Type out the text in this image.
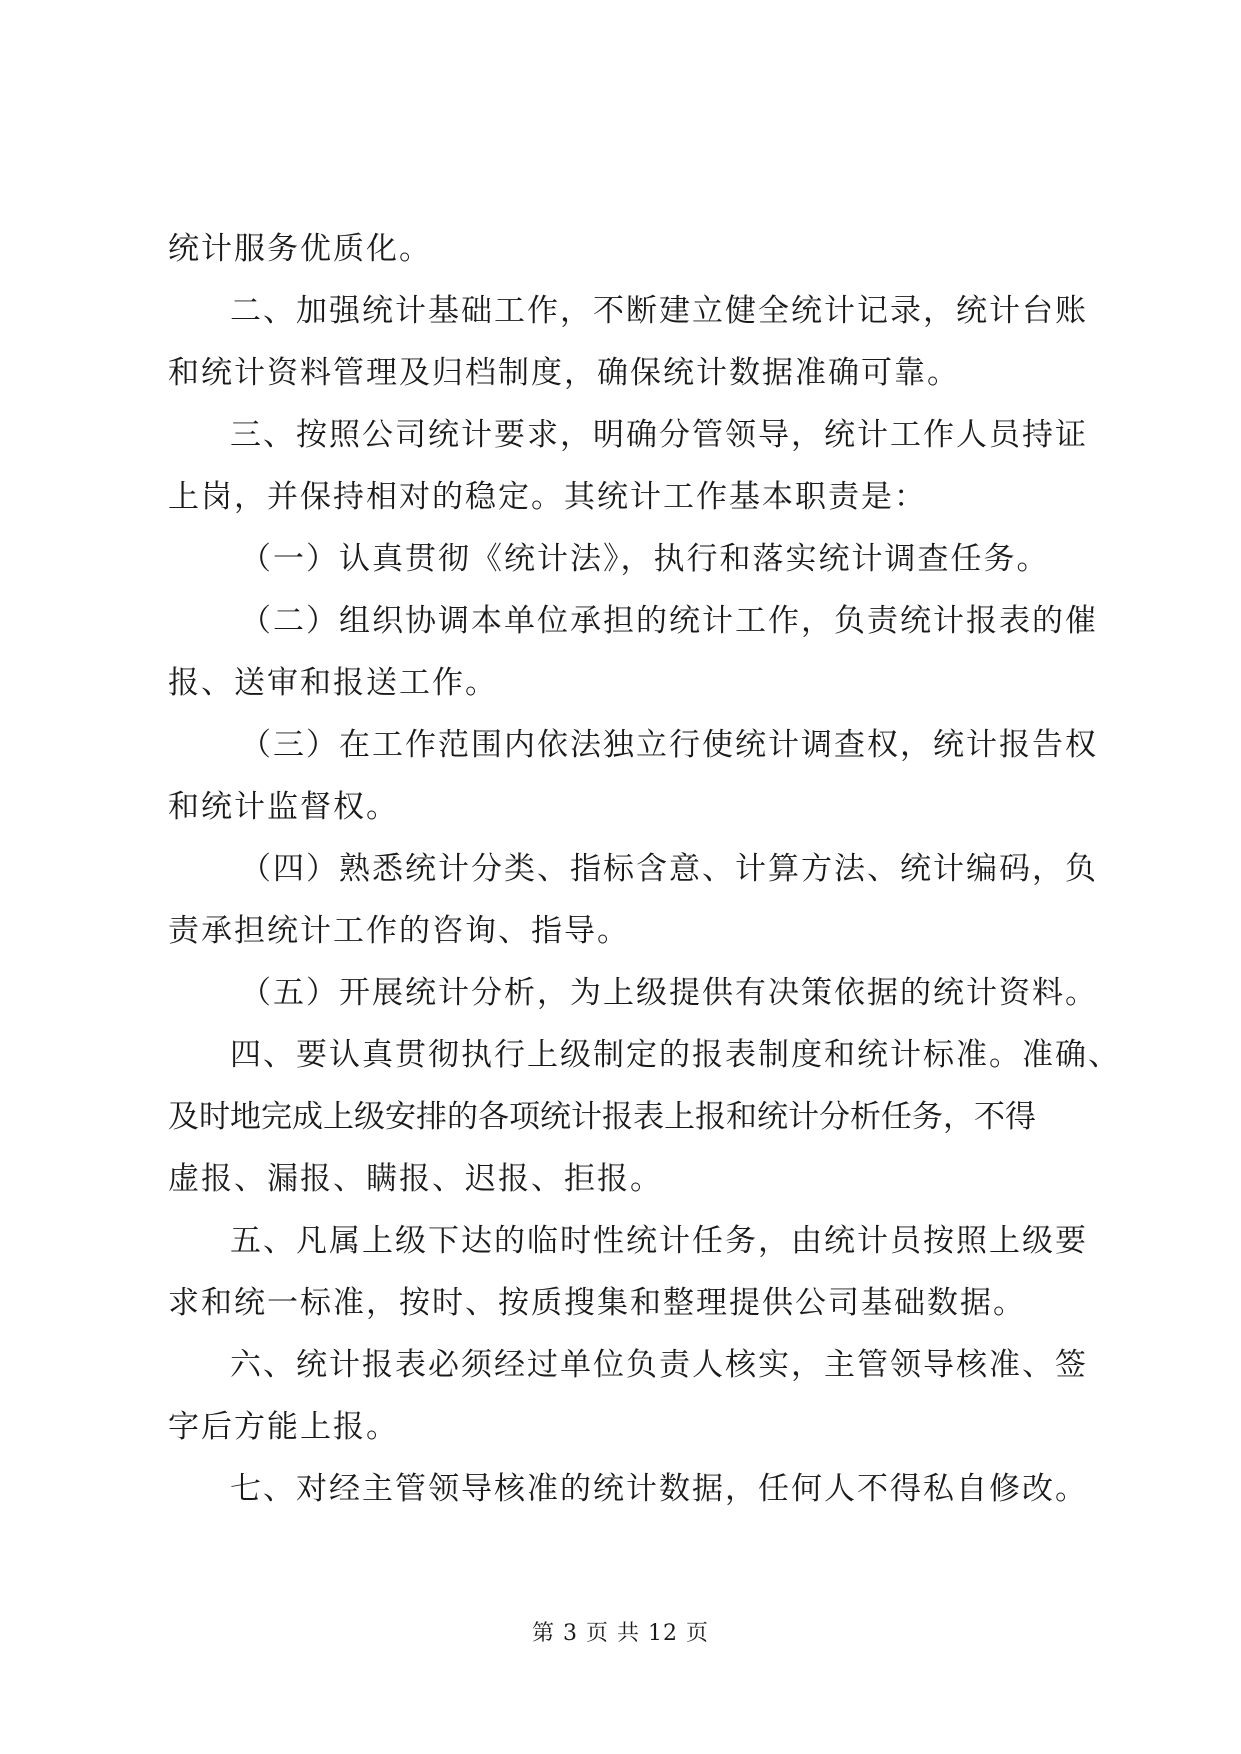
统计服务优质化。
二、加强统计基础工作，不断建立健全统计记录，统计台账
和统计资料管理及归档制度，确保统计数据准确可靠。
三、按照公司统计要求，明确分管领导，统计工作人员持证
上岗，并保持相对的稳定。其统计工作基本职责是：
（一）认真贯彻《统计法》，执行和落实统计调查任务。
（二）组织协调本单位承担的统计工作，负责统计报表的催
报、送审和报送工作。
（三）在工作范围内依法独立行使统计调查权，统计报告权
和统计监督权。
（四）熟悉统计分类、指标含意、计算方法、统计编码，负
责承担统计工作的咨询、指导。
（五）开展统计分析，为上级提供有决策依据的统计资料。
四、要认真贯彻执行上级制定的报表制度和统计标准。准确、
及时地完成上级安排的各项统计报表上报和统计分析任务，不得
虚报、漏报、瞒报、迟报、拒报。
五、凡属上级下达的临时性统计任务，由统计员按照上级要
求和统一标准，按时、按质搜集和整理提供公司基础数据。
六、统计报表必须经过单位负责人核实，主管领导核准、签
字后方能上报。
七、对经主管领导核准的统计数据，任何人不得私自修改。
第 3 页 共 12 页
